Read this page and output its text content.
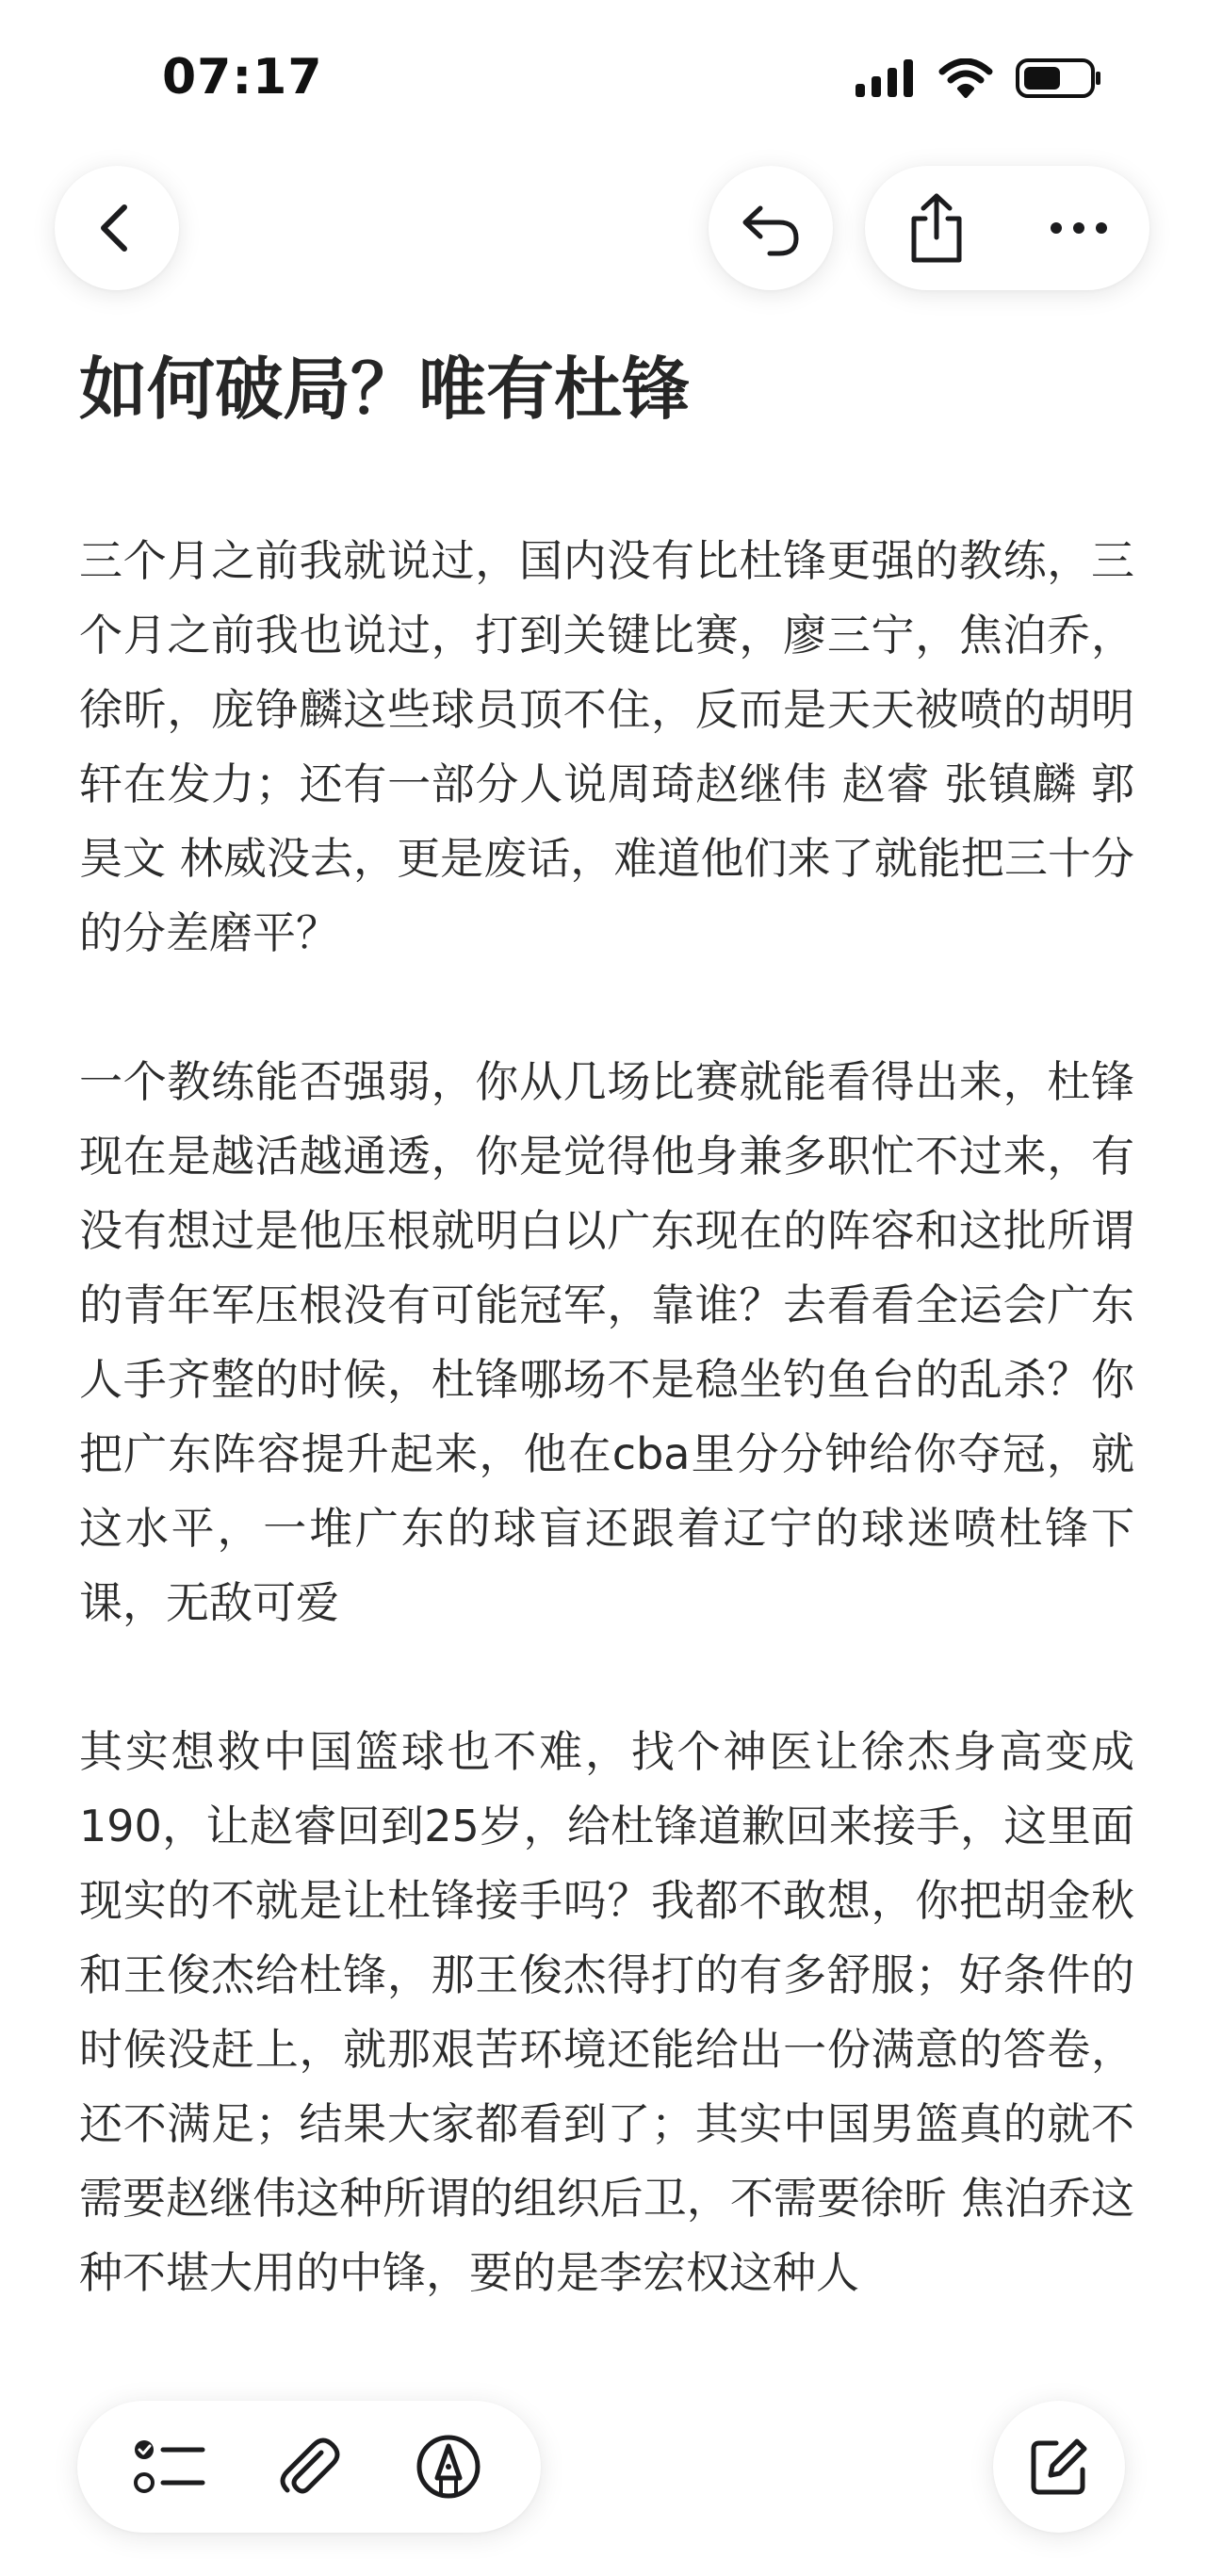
07:17
如何破局？唯有杜锋

三个月之前我就说过，国内没有比杜锋更强的教练，三个月之前我也说过，打到关键比赛，廖三宁，焦泊乔，徐昕，庞铮麟这些球员顶不住，反而是天天被喷的胡明轩在发力；还有一部分人说周琦赵继伟 赵睿 张镇麟 郭昊文 林威没去，更是废话，难道他们来了就能把三十分的分差磨平？

一个教练能否强弱，你从几场比赛就能看得出来，杜锋现在是越活越通透，你是觉得他身兼多职忙不过来，有没有想过是他压根就明白以广东现在的阵容和这批所谓的青年军压根没有可能冠军，靠谁？去看看全运会广东人手齐整的时候，杜锋哪场不是稳坐钓鱼台的乱杀？你把广东阵容提升起来，他在cba里分分钟给你夺冠，就这水平，一堆广东的球盲还跟着辽宁的球迷喷杜锋下课，无敌可爱

其实想救中国篮球也不难，找个神医让徐杰身高变成190，让赵睿回到25岁，给杜锋道歉回来接手，这里面现实的不就是让杜锋接手吗？我都不敢想，你把胡金秋和王俊杰给杜锋，那王俊杰得打的有多舒服；好条件的时候没赶上，就那艰苦环境还能给出一份满意的答卷，还不满足；结果大家都看到了；其实中国男篮真的就不需要赵继伟这种所谓的组织后卫，不需要徐昕 焦泊乔这种不堪大用的中锋，要的是李宏权这种人
